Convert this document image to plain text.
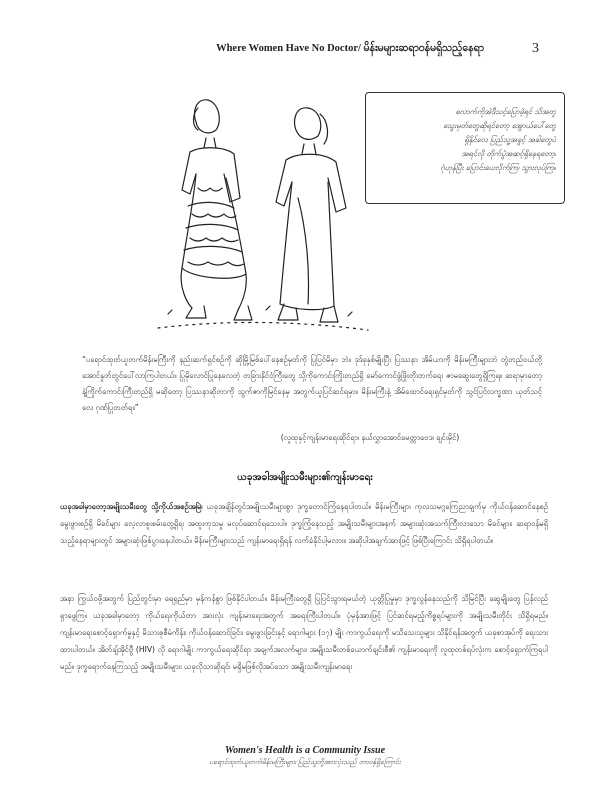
Where Women Have No Doctor/ မိန်းမများဆရာဝန်မရှိသည့်နေရာ	3
လောက်ကိုအဲဒီသင့်ပြောခဲ့ရင် သိအတူ
သွေးမှတ်တွေဆိုရင်တော့ အွောယ်ပေါ်တွေ
ရှိနိုင်လေ ပြည်သူ့အခွင့် အခါတွေပဲ
အရင်လို တိုက်ပွဲအဆင့်ရှိနေရတော့၊
ဂုံဟုန်ပြီး ပြောင်းပေးလိုက်ကြ၊ သွားလုပ်ကြ။
“ပရောင်ထုတ်ယူတက်မိန်းမကြီးကို နည်းဆက်ရှင်စဉ်ကို ဆိုမြို့မြစ်ပေါ်နေစဉ်မှတ်ကို ပြုပြင်မိမှာ ဘဲ။ ဒုဒ်ခုနှစ်မျိုးပြီး ပြဿနာ အိမ်ယာကို မိန်းမကြီးများဘဲ တွဲတည်ဝယ်တို့ အောင်နှုတ်တွင်ပေါ်လာကြပါတယ်။ ပြုမိုလောင်ပြုနေလေတဲ့ တခြားနိုင်ငံကြီးတွေ သို့ကိုကောင်းကြိုးတည်ရှိ မော်ကောင်ဖွံဖြိုးတိုးတက်ရေး ဇာမဆွေးတွေရှိကြရ။ ဆရာမှာတော့ နဲ့ကြိုက်ကောင်းကြီးတည်ရှိ မဆိုတော့ ပြဿနာဆိုတာကို သွက်ဇာကိုမြင်နေမှ အတွက်ယူပြင်ဆင်ရမှာ။ မိန်းမကြီးနဲ့ အိမ်ထောင်ရေးရှင်မှတ်ကို သွင်ပြင်လက္ခဏာ ယုတ်သင့်လေ ဂုဏ်ပြုတတ်ရ။”
(လူထုနှင့်ကျန်းမာရေးဆိုင်ရာ၊ နယ်လွှာအောင်မေတ္တာဗေဒ၊ ချင်းမိုင်)
ယခုအခါအမျိုးသမီးများ၏ကျန်းမာရေး
ယခုအခါမှာတော့အမျိုးသမီးတွေ သို့ကိုယ်အစဉ်အမြဲ၊ ယခုအချိန်တွင်အမျိုးသမီးများစွာ ဒုက္ခတောင်ကြုံနေရပါတယ်။ မိန်းမကြီးများ ကုလသမဂ္ဂကြေညာချက်မှ ကိုယ်ဝန်ဆောင်နေစဉ် မွေးဖွားစဉ်ရှိ မိခင်များ လေ့လာစူးစမ်းတွေ့ရှိရ၊ အထူးကုသမှု မလုပ်ဆောင်ရသေးပါ။ ဒုက္ခကြုံနေသည့် အမျိုးသမီးများအနက် အများဆုံးအသက်ကြီးလာသော မိခင်များ၊ ဆရာဝန်မရှိသည့်နေရာများတွင် အများဆုံးဖြစ်ပွားနေပါတယ်။ မိန်းမကြီးများသည် ကျန်းမာရေးရှိရန် လက်ခံနိုင်ပါ့မလား။ အဆိုပါအချက်အားဖြင့် ဖြစ်ပြီးကြောင်း သိရှိရပါတယ်။
အနာ ကြွယ်ဝဖို့အတွက် ပြည်တွင်းမှာ ရေရှည်မှာ မှန်ကန်စွာ ဖြစ်နိုင်ပါတယ်။ မိန်းမကြီးတွေရှိ ပြုပြင်သွားရမယ်တဲ့ ယုတ္တိပြုမှုမှာ ဒုက္ခလွန်နေသည်ကို သိမြင်ပြီး ဆွေမျိုးတွေ ပြန်လည်ရှာဖွေကြ။ ယခုအခါမှာတော့ ကိုယ်ရေးကိုယ်တာ အားလုံး ကျန်းမာရေးအတွက် အရေးကြီးပါတယ်။ ပုံမှန်အားဖြင့် ပြင်ဆင်ရမည့်ကိစ္စရပ်များကို အမျိုးသမီးတိုင်း သိရှိရမည်။ ကျန်းမာရေးစောင့်ရှောက်မှုနှင့် မိသားစုစီမံကိန်း၊ ကိုယ်ဝန်ဆောင်ခြင်း၊ မွေးဖွားခြင်းနှင့် ရောဂါများ (၁၇) မျိုး ကာကွယ်ရေးကို မသိသေးသူများ သိနိုင်ရန်အတွက် ယခုစာအုပ်ကို ရေးသားထားပါတယ်။ အိတ်ချ်အိုင်ဗွီ (HIV) လို ရောဂါမျိုး ကာကွယ်ရေးဆိုင်ရာ အချက်အလက်များ၊ အမျိုးသမီးတစ်ယောက်ချင်းစီ၏ ကျန်းမာရေးကို လူထုတစ်ရပ်လုံးက စောင့်ရှောက်ကြရပါမည်။ ဒုက္ခရောက်နေကြသည့် အမျိုးသမီးများ၊ ယခုလိုသာဆိုရင်၊ မရှိမဖြစ်လိုအပ်သော အမျိုးသမီးကျန်းမာရေး
Women's Health is a Community Issue
ပရောင်ထုတ်ယူတက်မိန်းမကြီးများ၊ ပြည်သူတို့အားလုံးသည် တာဝန်ရှိကြောင်း
